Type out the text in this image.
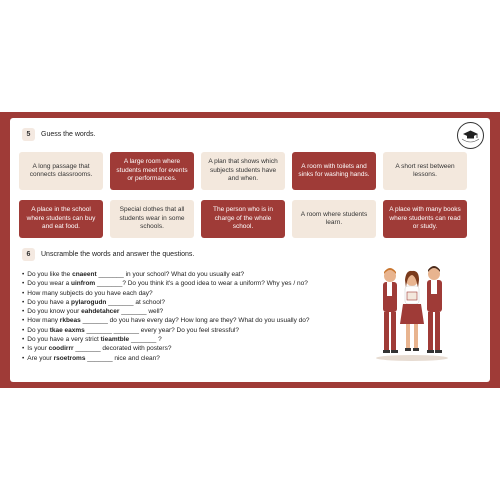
5	Guess the words.
A long passage that connects classrooms.
A large room where students meet for events or performances.
A plan that shows which subjects students have and when.
A room with toilets and sinks for washing hands.
A short rest between lessons.
A place in the school where students can buy and eat food.
Special clothes that all students wear in some schools.
The person who is in charge of the whole school.
A room where students learn.
A place with many books where students can read or study.
6	Unscramble the words and answer the questions.
• Do you like the cnaeent _______ in your school? What do you usually eat?
• Do you wear a uinfrom _______? Do you think it's a good idea to wear a uniform? Why yes / no?
• How many subjects do you have each day?
• Do you have a pylarogudn _______ at school?
• Do you know your eahdetahcer _______ well?
• How many rkbeas _______ do you have every day? How long are they? What do you usually do?
• Do you tkae eaxms _______ _______ every year? Do you feel stressful?
• Do you have a very strict tieamtble _______ ?
• Is your coodirrr _______ decorated with posters?
• Are your rsoetroms _______ nice and clean?
